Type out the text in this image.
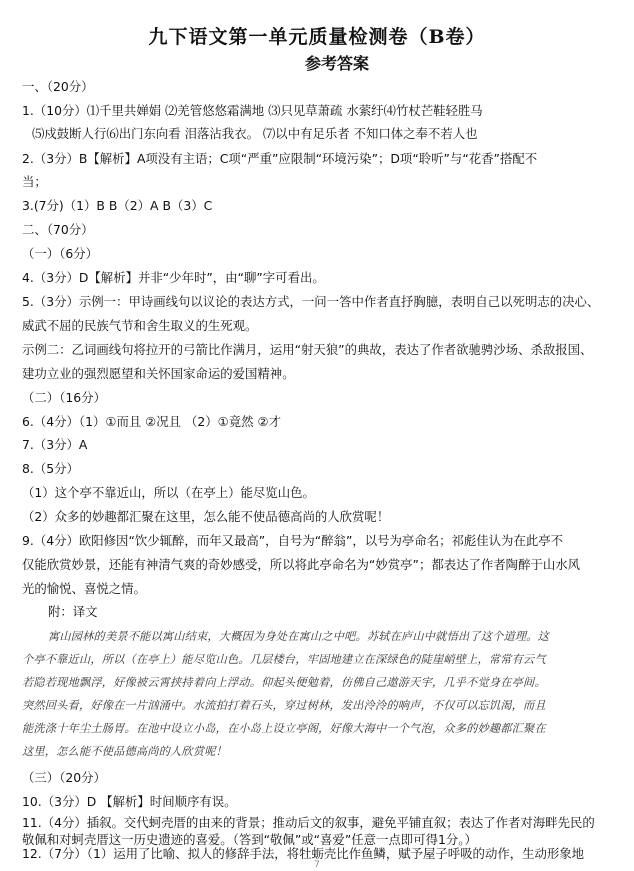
九下语文第一单元质量检测卷（B卷）
参考答案
一、（20分）
1.（10分）⑴千里共婵娟 ⑵羌管悠悠霜满地 ⑶只见草萧疏 水萦纡⑷竹杖芒鞋轻胜马
⑸戍鼓断人行⑹出门东向看 泪落沾我衣。 ⑺以中有足乐者 不知口体之奉不若人也
2.（3分）B【解析】A项没有主语；C项“严重”应限制“环境污染”；D项“聆听”与“花香”搭配不
当；
3.(7分)（1）B B（2）A B（3）C
二、（70分）
（一）（6分）
4.（3分）D【解析】并非“少年时”，由“聊”字可看出。
5.（3分）示例一：甲诗画线句以议论的表达方式，一问一答中作者直抒胸臆，表明自己以死明志的决心、
威武不屈的民族气节和舍生取义的生死观。
示例二：乙词画线句将拉开的弓箭比作满月，运用“射天狼”的典故，表达了作者欲驰骋沙场、杀敌报国、
建功立业的强烈愿望和关怀国家命运的爱国精神。
（二）（16分）
6.（4分）（1）①而且 ②况且 （2）①竟然 ②才
7.（3分）A
8.（5分）
（1）这个亭不靠近山，所以（在亭上）能尽览山色。
（2）众多的妙趣都汇聚在这里，怎么能不使品德高尚的人欣赏呢！
9.（4分）欧阳修因“饮少辄醉，而年又最高”，自号为“醉翁”，以号为亭命名；祁彪佳认为在此亭不
仅能欣赏妙景，还能有神清气爽的奇妙感受，所以将此亭命名为“妙赏亭”；都表达了作者陶醉于山水风
光的愉悦、喜悦之情。
附：译文
寓山园林的美景不能以寓山结束，大概因为身处在寓山之中吧。苏轼在庐山中就悟出了这个道理。这
个亭不靠近山，所以（在亭上）能尽览山色。几层楼台，牢固地建立在深绿色的陡崖峭壁上，常常有云气
若隐若现地飘浮，好像被云霄挟持着向上浮动。仰起头便勉着，仿佛自己遨游天宇，几乎不觉身在亭间。
突然回头看，好像在一片汹涌中。水流拍打着石头，穿过树林，发出泠泠的响声，不仅可以忘饥渴，而且
能洗涤十年尘土肠胃。在池中设立小岛，在小岛上设立亭阁，好像大海中一个气泡，众多的妙趣都汇聚在
这里，怎么能不使品德高尚的人欣赏呢！
（三）（20分）
10.（3分）D 【解析】时间顺序有误。
11.（4分）插叙。交代蚵壳厝的由来的背景；推动后文的叙事，避免平铺直叙；表达了作者对海畔先民的
敬佩和对蚵壳厝这一历史遗迹的喜爱。（答到“敬佩”或“喜爱”任意一点即可得1分。）
12.（7分）（1）运用了比喻、拟人的修辞手法，将牡蛎壳比作鱼鳞，赋予屋子呼吸的动作，生动形象地
7
